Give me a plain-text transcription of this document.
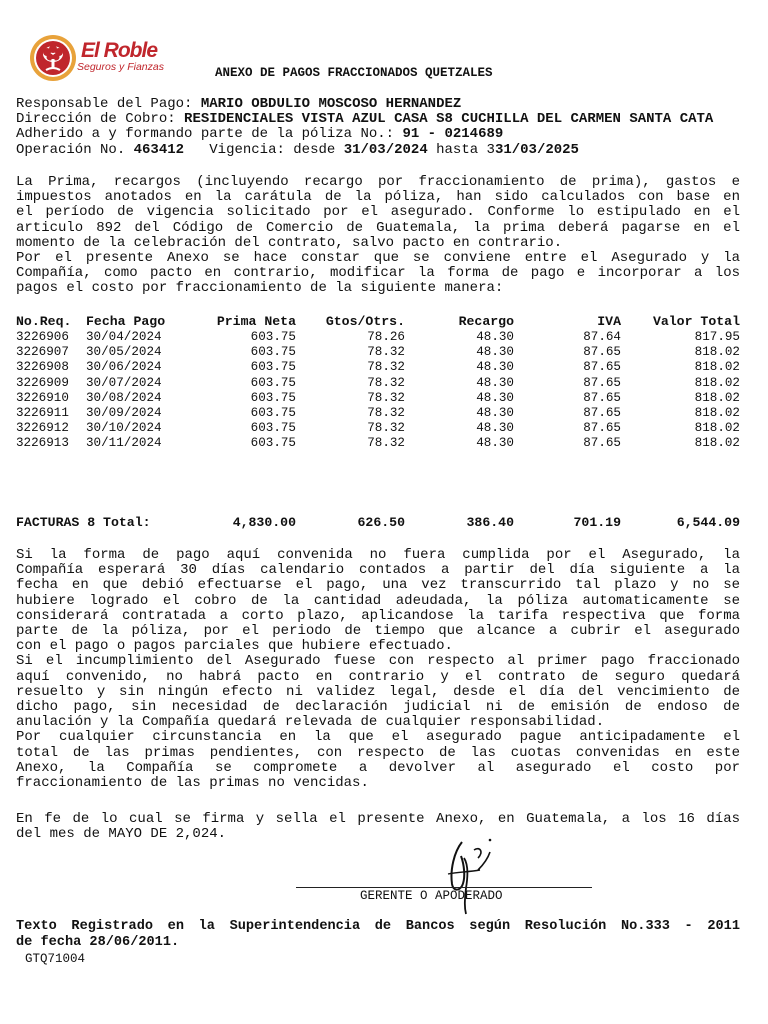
El Roble
Seguros y Fianzas	ANEXO DE PAGOS FRACCIONADOS QUETZALES
Responsable del Pago: MARIO OBDULIO MOSCOSO HERNANDEZ
Dirección de Cobro: RESIDENCIALES VISTA AZUL CASA S8 CUCHILLA DEL CARMEN SANTA CATA
Adherido a y formando parte de la póliza No.: 91 - 0214689
Operación No. 463412 Vigencia: desde 31/03/2024 hasta 331/03/2025

La Prima, recargos (incluyendo recargo por fraccionamiento de prima), gastos e

impuestos anotados en la carátula de la póliza, han sido calculados con base en

el período de vigencia solicitado por el asegurado. Conforme lo estipulado en el

articulo 892 del Código de Comercio de Guatemala, la prima deberá pagarse en el

momento de la celebración del contrato, salvo pacto en contrario.

Por el presente Anexo se hace constar que se conviene entre el Asegurado y la

Compañía, como pacto en contrario, modificar la forma de pago e incorporar a los

pagos el costo por fraccionamiento de la siguiente manera:

No.Req.	Fecha Pago	Prima Neta	Gtos/Otrs.	Recargo	IVA	Valor Total
3226906	30/04/2024	603.75	78.26	48.30	87.64	817.95
3226907	30/05/2024	603.75	78.32	48.30	87.65	818.02
3226908	30/06/2024	603.75	78.32	48.30	87.65	818.02
3226909	30/07/2024	603.75	78.32	48.30	87.65	818.02
3226910	30/08/2024	603.75	78.32	48.30	87.65	818.02
3226911	30/09/2024	603.75	78.32	48.30	87.65	818.02
3226912	30/10/2024	603.75	78.32	48.30	87.65	818.02
3226913	30/11/2024	603.75	78.32	48.30	87.65	818.02
FACTURAS 8 Total:	4,830.00	626.50	386.40	701.19	6,544.09

Si la forma de pago aquí convenida no fuera cumplida por el Asegurado, la

Compañía esperará 30 días calendario contados a partir del día siguiente a la

fecha en que debió efectuarse el pago, una vez transcurrido tal plazo y no se

hubiere logrado el cobro de la cantidad adeudada, la póliza automaticamente se

considerará contratada a corto plazo, aplicandose la tarifa respectiva que forma

parte de la póliza, por el periodo de tiempo que alcance a cubrir el asegurado

con el pago o pagos parciales que hubiere efectuado.

Si el incumplimiento del Asegurado fuese con respecto al primer pago fraccionado

aquí convenido, no habrá pacto en contrario y el contrato de seguro quedará

resuelto y sin ningún efecto ni validez legal, desde el día del vencimiento de

dicho pago, sin necesidad de declaración judicial ni de emisión de endoso de

anulación y la Compañía quedará relevada de cualquier responsabilidad.

Por cualquier circunstancia en la que el asegurado pague anticipadamente el

total de las primas pendientes, con respecto de las cuotas convenidas en este

Anexo, la Compañía se compromete a devolver al asegurado el costo por

fraccionamiento de las primas no vencidas.

En fe de lo cual se firma y sella el presente Anexo, en Guatemala, a los 16 días

del mes de MAYO DE 2,024.

GERENTE O APODERADO

Texto Registrado en la Superintendencia de Bancos según Resolución No.333 - 2011

de fecha 28/06/2011.

GTQ71004
